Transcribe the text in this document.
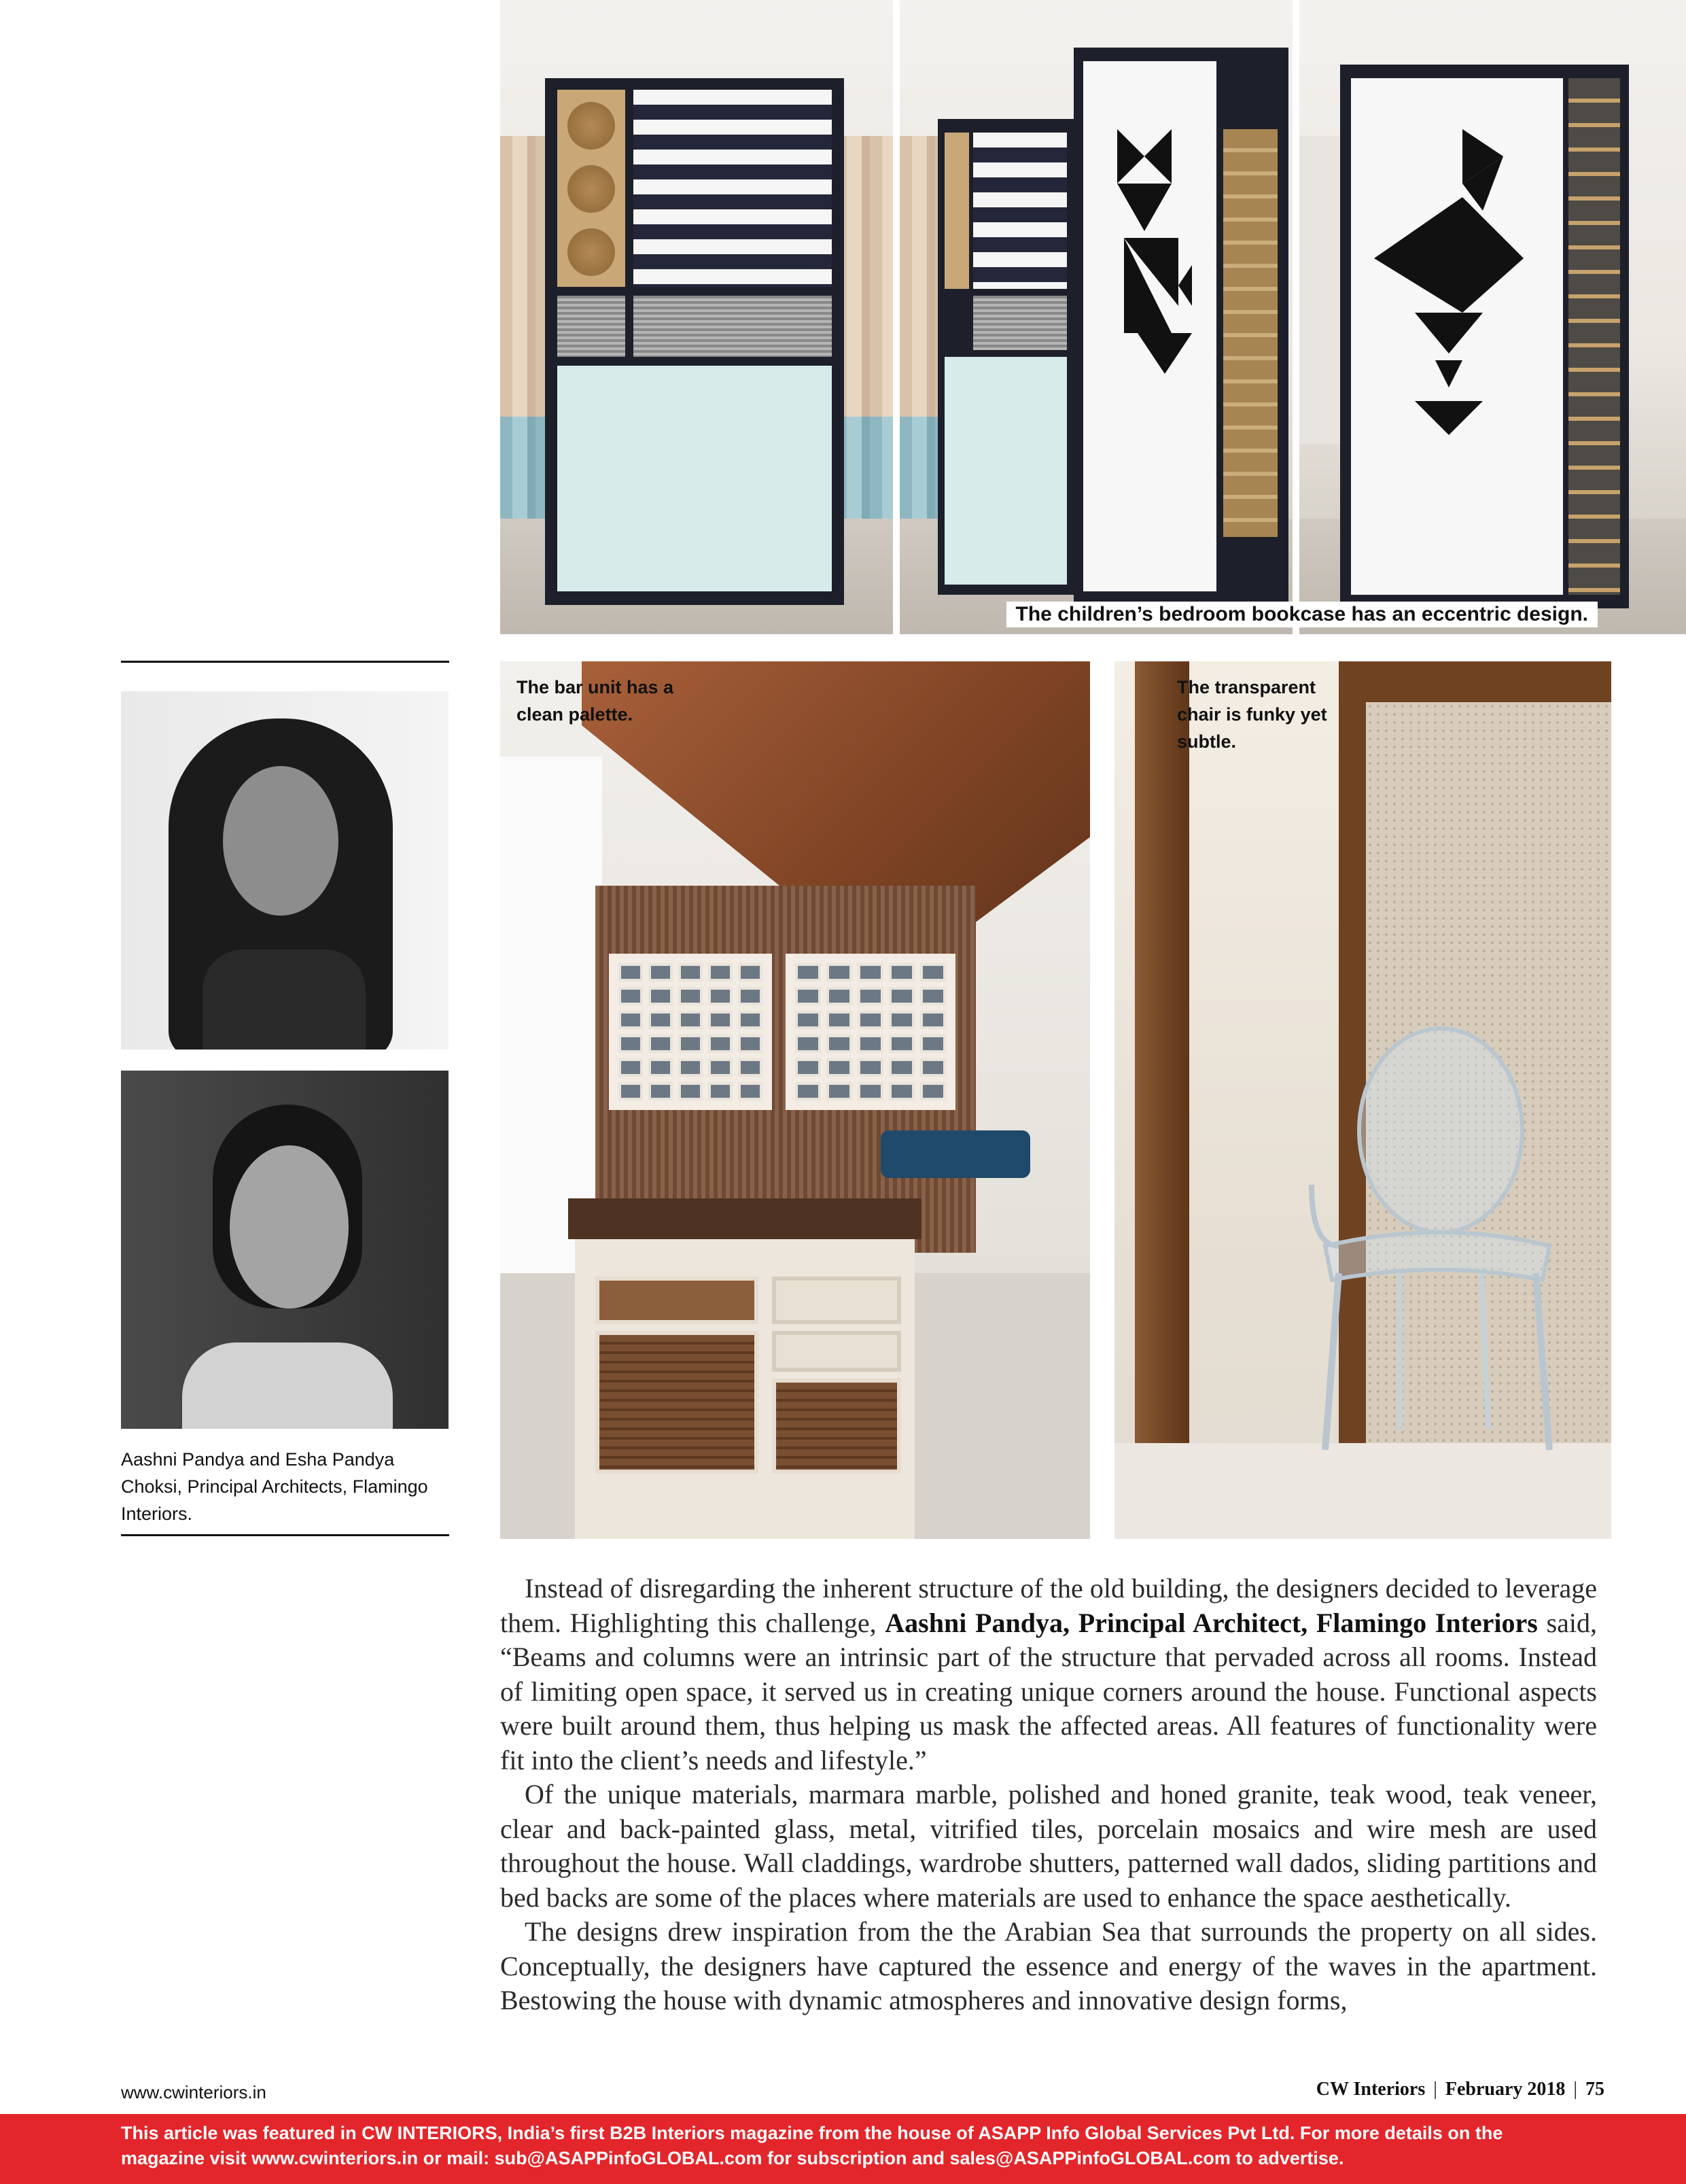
The children’s bedroom bookcase has an eccentric design.
Aashni Pandya and Esha Pandya Choksi, Principal Architects, Flamingo Interiors.
The bar unit has a clean palette.
The transparent chair is funky yet subtle.

Instead of disregarding the inherent structure of the old building, the designers decided to leverage them. Highlighting this challenge, Aashni Pandya, Principal Architect, Flamingo Interiors said, “Beams and columns were an intrinsic part of the structure that pervaded across all rooms. Instead of limiting open space, it served us in creating unique corners around the house. Functional aspects were built around them, thus helping us mask the affected areas. All features of functionality were fit into the client’s needs and lifestyle.”

Of the unique materials, marmara marble, polished and honed granite, teak wood, teak veneer, clear and back-painted glass, metal, vitrified tiles, porcelain mosaics and wire mesh are used throughout the house. Wall claddings, wardrobe shutters, patterned wall dados, sliding partitions and bed backs are some of the places where materials are used to enhance the space aesthetically.

The designs drew inspiration from the the Arabian Sea that surrounds the property on all sides. Conceptually, the designers have captured the essence and energy of the waves in the apartment. Bestowing the house with dynamic atmospheres and innovative design forms,

www.cwinteriors.in	CW Interiors | February 2018 | 75
This article was featured in CW INTERIORS, India’s first B2B Interiors magazine from the house of ASAPP Info Global Services Pvt Ltd. For more details on the magazine visit www.cwinteriors.in or mail: sub@ASAPPinfoGLOBAL.com for subscription and sales@ASAPPinfoGLOBAL.com to advertise.
